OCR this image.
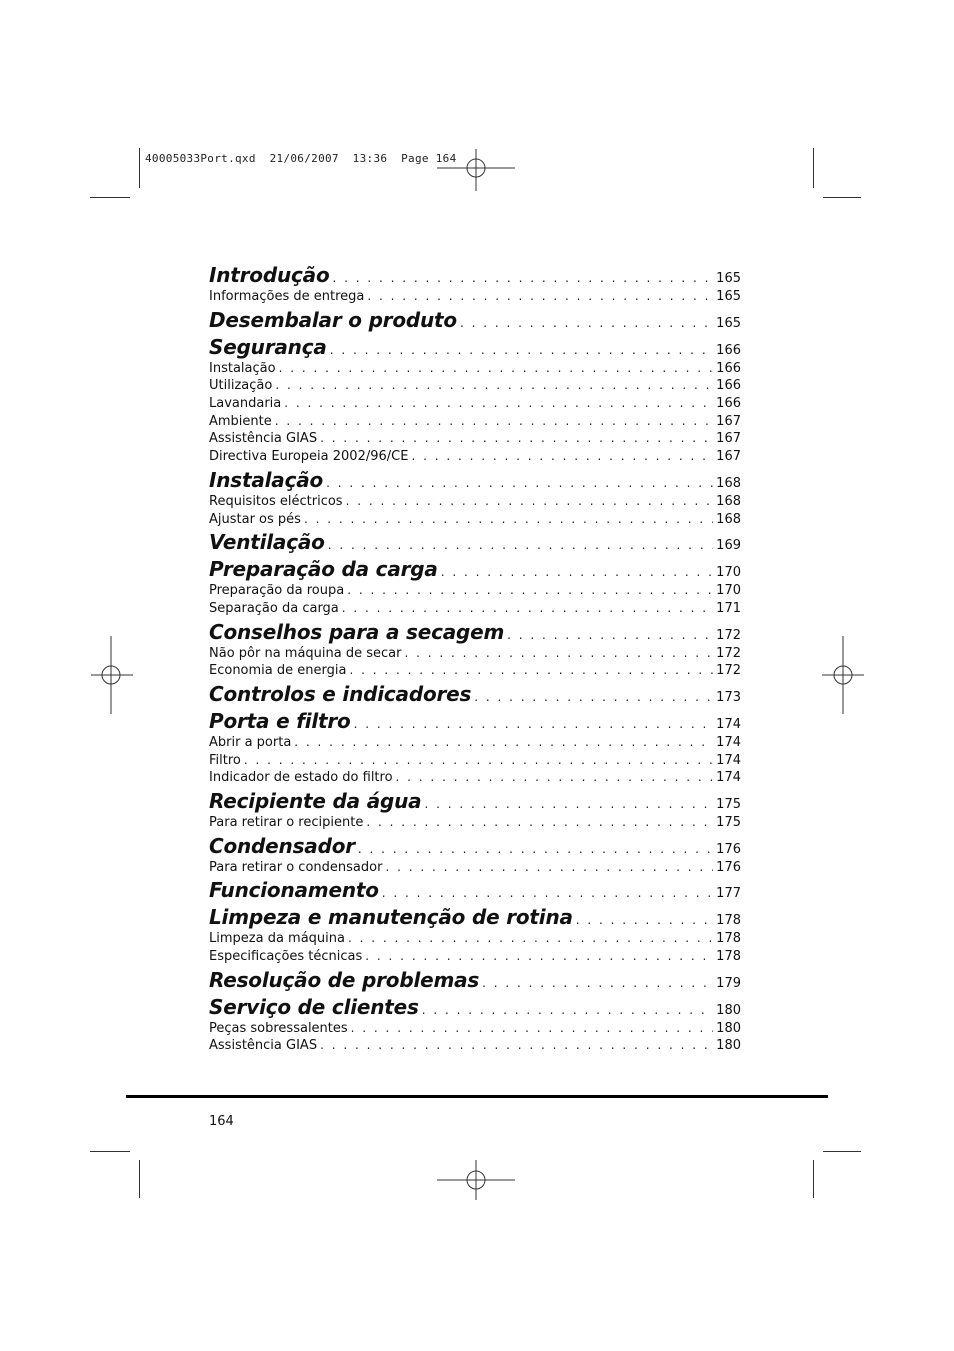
40005033Port.qxd  21/06/2007  13:36  Page 164
Introdução . . .	165
Informações de entrega . . .	165
Desembalar o produto . . .	165
Segurança . . .	166
Instalação . . .	166
Utilização . . .	166
Lavandaria . . .	166
Ambiente . . .	167
Assistência GIAS . . .	167
Directiva Europeia 2002/96/CE . . .	167
Instalação . . .	168
Requisitos eléctricos . . .	168
Ajustar os pés . . .	168
Ventilação . . .	169
Preparação da carga . . .	170
Preparação da roupa . . .	170
Separação da carga . . .	171
Conselhos para a secagem . . .	172
Não pôr na máquina de secar . . .	172
Economia de energia . . .	172
Controlos e indicadores . . .	173
Porta e filtro . . .	174
Abrir a porta . . .	174
Filtro . . .	174
Indicador de estado do filtro . . .	174
Recipiente da água . . .	175
Para retirar o recipiente . . .	175
Condensador . . .	176
Para retirar o condensador . . .	176
Funcionamento . . .	177
Limpeza e manutenção de rotina . . .	178
Limpeza da máquina . . .	178
Especificações técnicas . . .	178
Resolução de problemas . . .	179
Serviço de clientes . . .	180
Peças sobressalentes . . .	180
Assistência GIAS . . .	180
164
